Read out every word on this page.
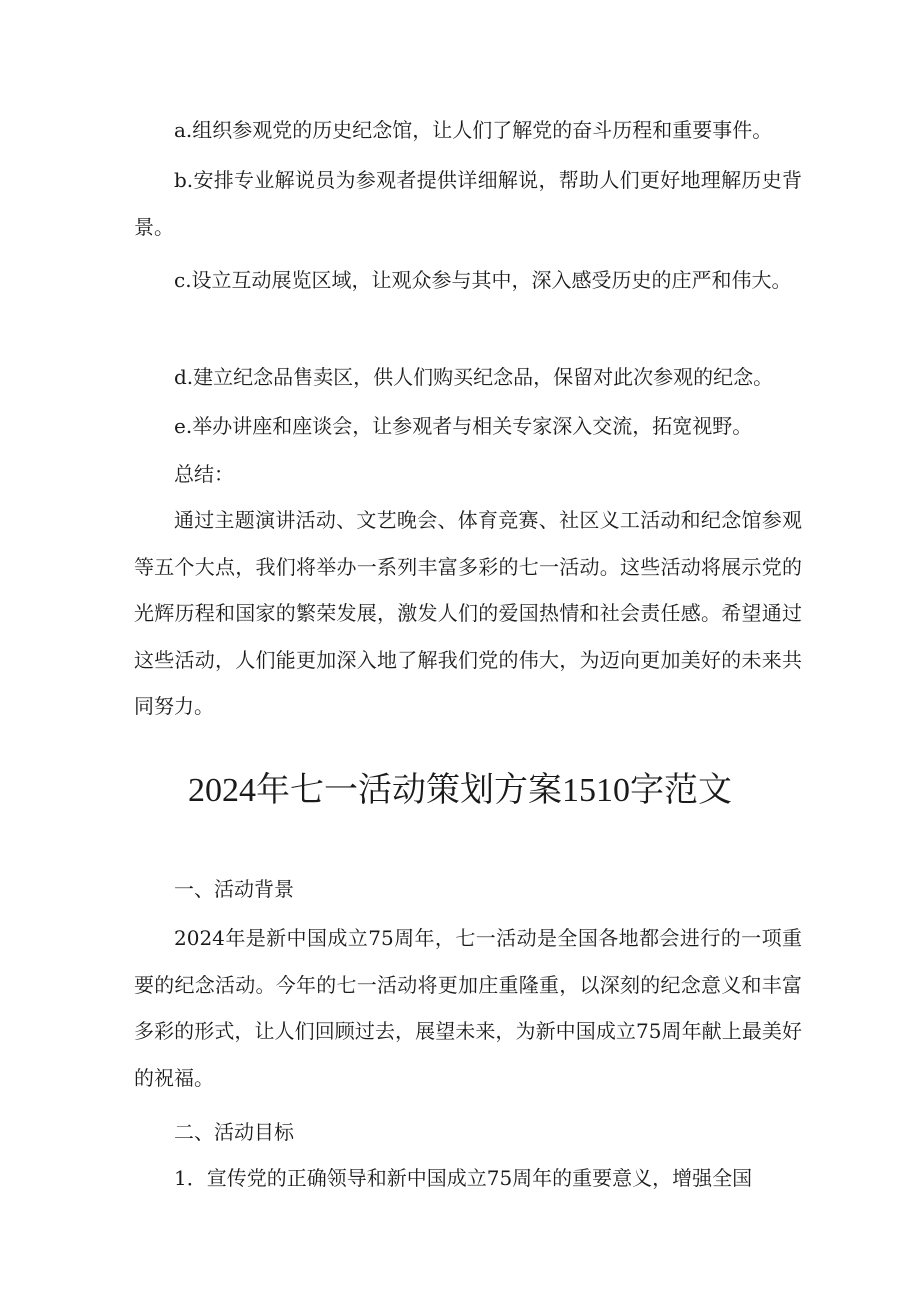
a.组织参观党的历史纪念馆，让人们了解党的奋斗历程和重要事件。

b.安排专业解说员为参观者提供详细解说，帮助人们更好地理解历史背景。

c.设立互动展览区域，让观众参与其中，深入感受历史的庄严和伟大。

d.建立纪念品售卖区，供人们购买纪念品，保留对此次参观的纪念。

e.举办讲座和座谈会，让参观者与相关专家深入交流，拓宽视野。

总结：

通过主题演讲活动、文艺晚会、体育竞赛、社区义工活动和纪念馆参观等五个大点，我们将举办一系列丰富多彩的七一活动。这些活动将展示党的光辉历程和国家的繁荣发展，激发人们的爱国热情和社会责任感。希望通过这些活动，人们能更加深入地了解我们党的伟大，为迈向更加美好的未来共同努力。

2024年七一活动策划方案1510字范文

一、活动背景

2024年是新中国成立75周年，七一活动是全国各地都会进行的一项重要的纪念活动。今年的七一活动将更加庄重隆重，以深刻的纪念意义和丰富多彩的形式，让人们回顾过去，展望未来，为新中国成立75周年献上最美好的祝福。

二、活动目标

1．宣传党的正确领导和新中国成立75周年的重要意义，增强全国
